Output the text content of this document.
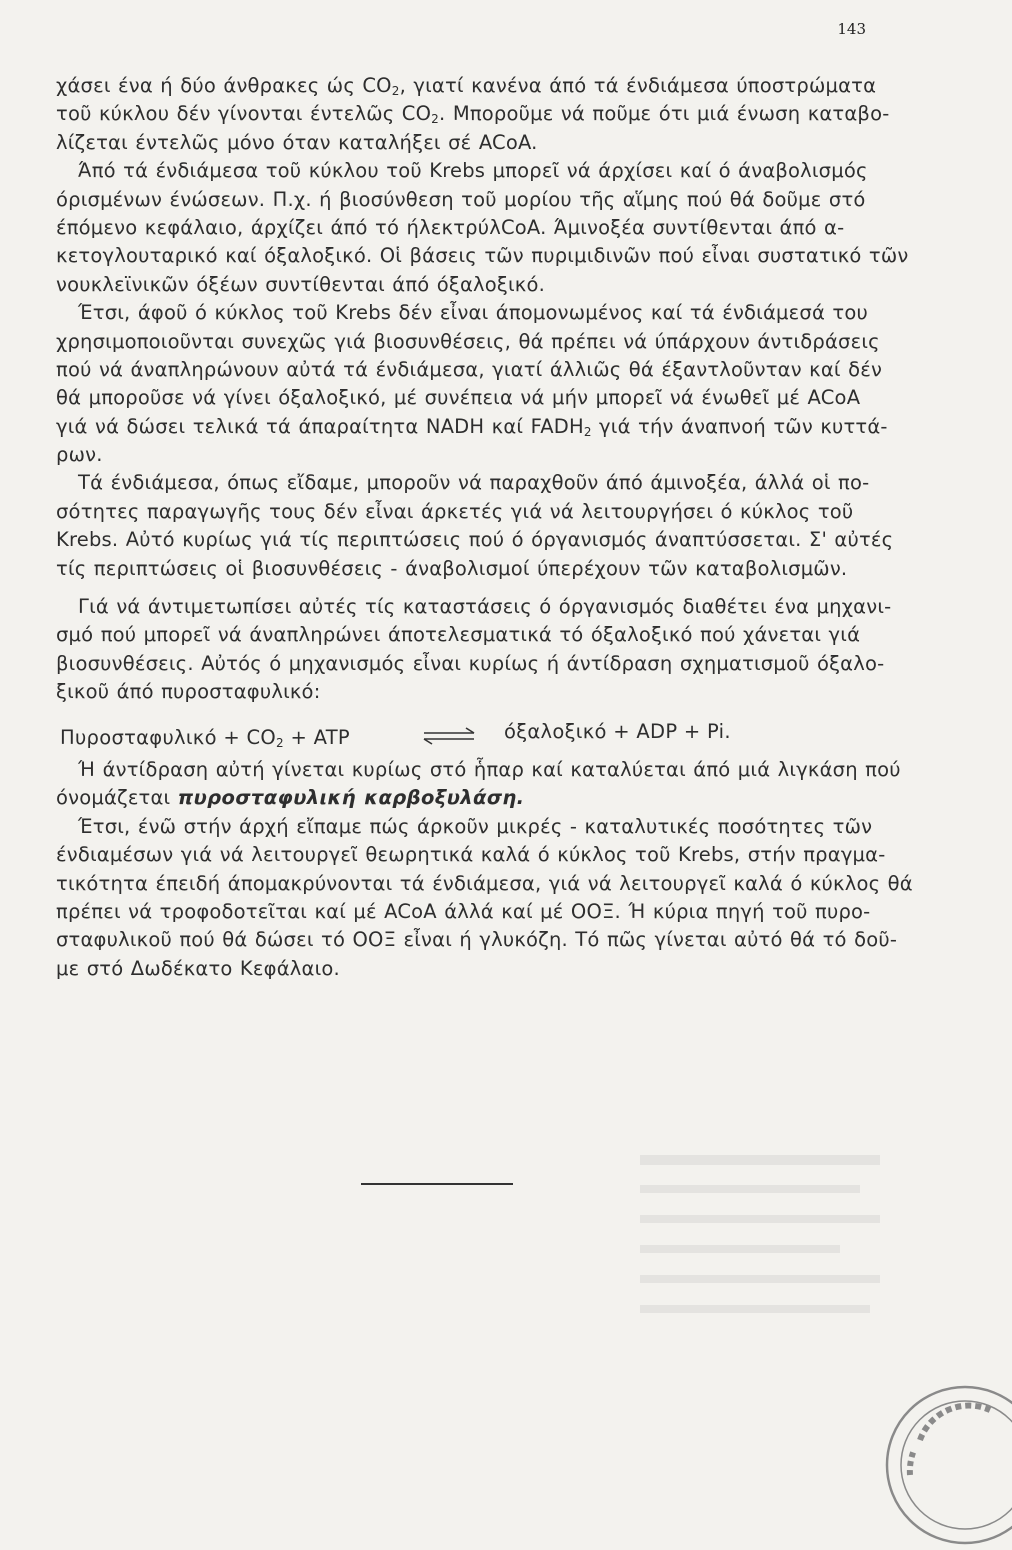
143
χάσει ένα ή δύο άνθρακες ώς $CO_2$, γιατί κανένα άπό τά ένδιάμεσα ύποστρώματα
τοῦ κύκλου δέν γίνονται έντελῶς $CO_2$. Μποροῦμε νά ποῦμε ότι μιά ένωση καταβο-
λίζεται έντελῶς μόνο όταν καταλήξει σέ ACoA.
Άπό τά ένδιάμεσα τοῦ κύκλου τοῦ Krebs μπορεῖ νά άρχίσει καί ό άναβολισμός
όρισμένων ένώσεων. Π.χ. ή βιοσύνθεση τοῦ μορίου τῆς αἵμης πού θά δοῦμε στό
έπόμενο κεφάλαιο, άρχίζει άπό τό ήλεκτρύλCoA. Άμινοξέα συντίθενται άπό α-
κετογλουταρικό καί όξαλοξικό. Οἱ βάσεις τῶν πυριμιδινῶν πού εἶναι συστατικό τῶν
νουκλεϊνικῶν όξέων συντίθενται άπό όξαλοξικό.
Έτσι, άφοῦ ό κύκλος τοῦ Krebs δέν εἶναι άπομονωμένος καί τά ένδιάμεσά του
χρησιμοποιοῦνται συνεχῶς γιά βιοσυνθέσεις, θά πρέπει νά ύπάρχουν άντιδράσεις
πού νά άναπληρώνουν αὐτά τά ένδιάμεσα, γιατί άλλιῶς θά έξαντλοῦνταν καί δέν
θά μποροῦσε νά γίνει όξαλοξικό, μέ συνέπεια νά μήν μπορεῖ νά ένωθεῖ μέ ACoA
γιά νά δώσει τελικά τά άπαραίτητα NADH καί $FADH_2$ γιά τήν άναπνοή τῶν κυττά-
ρων.
Τά ένδιάμεσα, όπως εἴδαμε, μποροῦν νά παραχθοῦν άπό άμινοξέα, άλλά οἱ πο-
σότητες παραγωγῆς τους δέν εἶναι άρκετές γιά νά λειτουργήσει ό κύκλος τοῦ
Krebs. Αὐτό κυρίως γιά τίς περιπτώσεις πού ό όργανισμός άναπτύσσεται. Σ' αὐτές
τίς περιπτώσεις οἱ βιοσυνθέσεις - άναβολισμοί ύπερέχουν τῶν καταβολισμῶν.
Γιά νά άντιμετωπίσει αὐτές τίς καταστάσεις ό όργανισμός διαθέτει ένα μηχανι-
σμό πού μπορεῖ νά άναπληρώνει άποτελεσματικά τό όξαλοξικό πού χάνεται γιά
βιοσυνθέσεις. Αὐτός ό μηχανισμός εἶναι κυρίως ή άντίδραση σχηματισμοῦ όξαλο-
ξικοῦ άπό πυροσταφυλικό:
$\Pi\upsilon\rho o\sigma\tau\alpha\varphi\upsilon\lambda\iota\kappa ό + CO_2$ + ATP	⇌ όξαλοξικό + ADP + Pi.
Ή άντίδραση αὐτή γίνεται κυρίως στό ἧπαρ καί καταλύεται άπό μιά λιγκάση πού
όνομάζεται πυροσταφυλική καρβοξυλάση.
Έτσι, ένῶ στήν άρχή εἴπαμε πώς άρκοῦν μικρές - καταλυτικές ποσότητες τῶν
ένδιαμέσων γιά νά λειτουργεῖ θεωρητικά καλά ό κύκλος τοῦ Krebs, στήν πραγμα-
τικότητα έπειδή άπομακρύνονται τά ένδιάμεσα, γιά νά λειτουργεῖ καλά ό κύκλος θά
πρέπει νά τροφοδοτεῖται καί μέ ACoA άλλά καί μέ ΟΟΞ. Ή κύρια πηγή τοῦ πυρο-
σταφυλικοῦ πού θά δώσει τό ΟΟΞ εἶναι ή γλυκόζη. Τό πῶς γίνεται αὐτό θά τό δοῦ-
με στό Δωδέκατο Κεφάλαιο.
